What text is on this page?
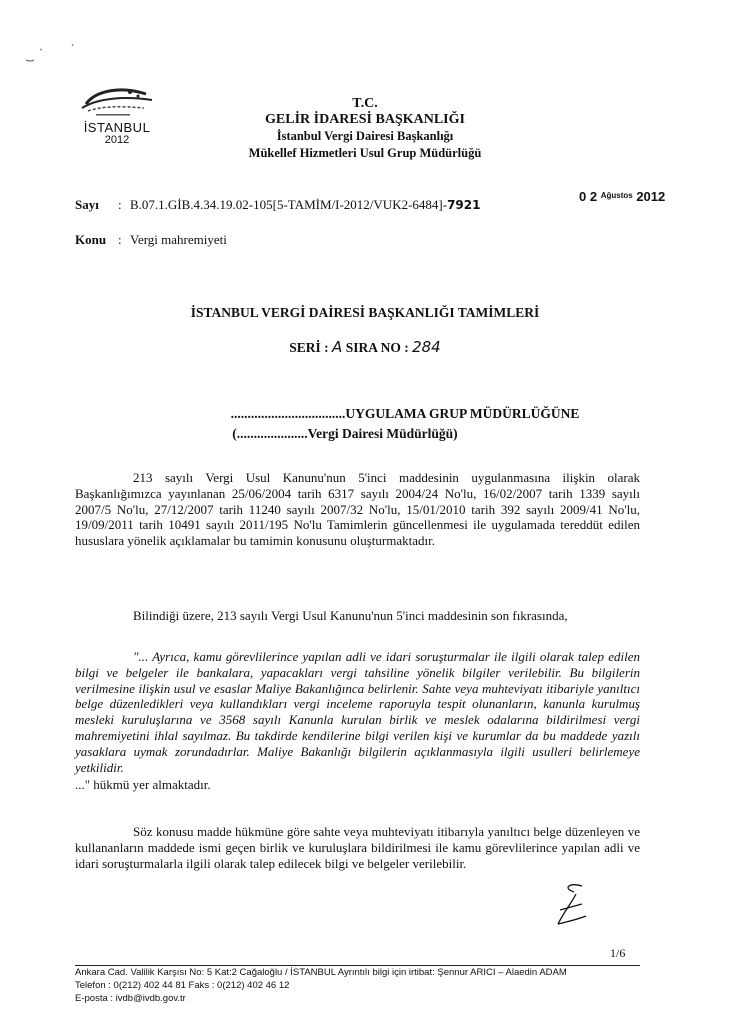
İSTANBUL
2012
T.C.
GELİR İDARESİ BAŞKANLIĞI
İstanbul Vergi Dairesi Başkanlığı
Mükellef Hizmetleri Usul Grup Müdürlüğü
Sayı : B.07.1.GİB.4.34.19.02-105[5-TAMİM/I-2012/VUK2-6484]-7921
0 2 $^{Ağustos}$ 2012
Konu : Vergi mahremiyeti
İSTANBUL VERGİ DAİRESİ BAŞKANLIĞI TAMİMLERİ
SERİ : A SIRA NO : 284
..................................UYGULAMA GRUP MÜDÜRLÜĞÜNE
(.....................Vergi Dairesi Müdürlüğü)
213 sayılı Vergi Usul Kanunu'nun 5'inci maddesinin uygulanmasına ilişkin olarak Başkanlığımızca yayınlanan 25/06/2004 tarih 6317 sayılı 2004/24 No'lu, 16/02/2007 tarih 1339 sayılı 2007/5 No'lu, 27/12/2007 tarih 11240 sayılı 2007/32 No'lu, 15/01/2010 tarih 392 sayılı 2009/41 No'lu, 19/09/2011 tarih 10491 sayılı 2011/195 No'lu Tamimlerin güncellenmesi ile uygulamada tereddüt edilen hususlara yönelik açıklamalar bu tamimin konusunu oluşturmaktadır.
Bilindiği üzere, 213 sayılı Vergi Usul Kanunu'nun 5'inci maddesinin son fıkrasında,
"... Ayrıca, kamu görevlilerince yapılan adli ve idari soruşturmalar ile ilgili olarak talep edilen bilgi ve belgeler ile bankalara, yapacakları vergi tahsiline yönelik bilgiler verilebilir. Bu bilgilerin verilmesine ilişkin usul ve esaslar Maliye Bakanlığınca belirlenir. Sahte veya muhteviyatı itibariyle yanıltıcı belge düzenledikleri veya kullandıkları vergi inceleme raporuyla tespit olunanların, kanunla kurulmuş mesleki kuruluşlarına ve 3568 sayılı Kanunla kurulan birlik ve meslek odalarına bildirilmesi vergi mahremiyetini ihlal sayılmaz. Bu takdirde kendilerine bilgi verilen kişi ve kurumlar da bu maddede yazılı yasaklara uymak zorundadırlar. Maliye Bakanlığı bilgilerin açıklanmasıyla ilgili usulleri belirlemeye yetkilidir.
..." hükmü yer almaktadır.
Söz konusu madde hükmüne göre sahte veya muhteviyatı itibarıyla yanıltıcı belge düzenleyen ve kullananların maddede ismi geçen birlik ve kuruluşlara bildirilmesi ile kamu görevlilerince yapılan adli ve idari soruşturmalarla ilgili olarak talep edilecek bilgi ve belgeler verilebilir.
1/6
Ankara Cad. Valilik Karşısı No: 5 Kat:2 Cağaloğlu / İSTANBUL Ayrıntılı bilgi için irtibat: Şennur ARICI – Alaedin ADAM
Telefon : 0(212) 402 44 81 Faks : 0(212) 402 46 12
E-posta : ivdb@ivdb.gov.tr
